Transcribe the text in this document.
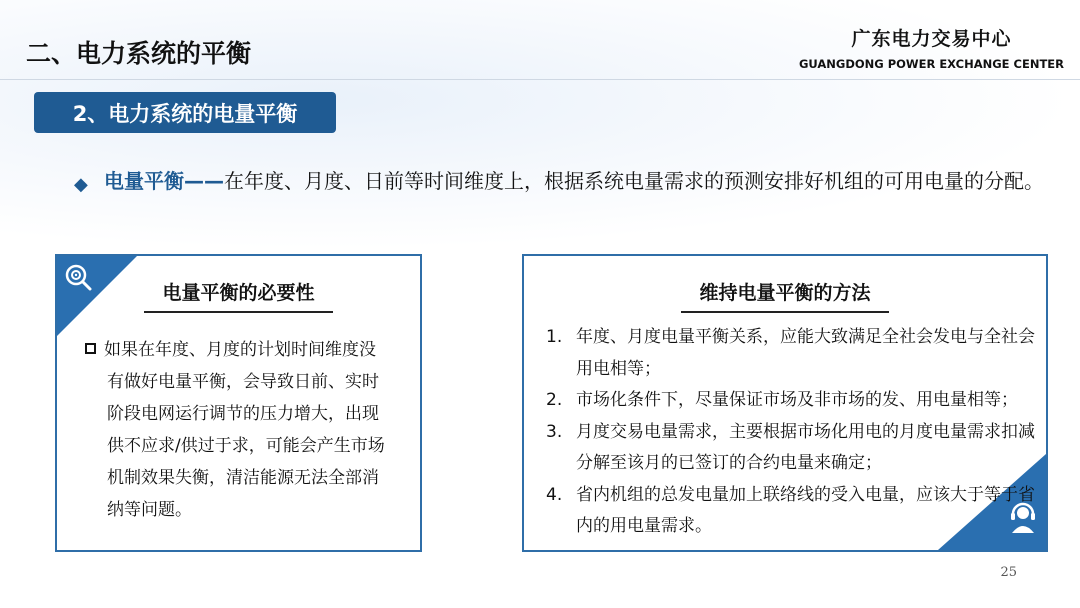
二、电力系统的平衡	广东电力交易中心
GUANGDONG POWER EXCHANGE CENTER
2、电力系统的电量平衡
◆ 电量平衡——在年度、月度、日前等时间维度上，根据系统电量需求的预测安排好机组的可用电量的分配。
电量平衡的必要性
如果在年度、月度的计划时间维度没有做好电量平衡，会导致日前、实时阶段电网运行调节的压力增大，出现供不应求/供过于求，可能会产生市场机制效果失衡，清洁能源无法全部消纳等问题。
维持电量平衡的方法
1. 年度、月度电量平衡关系，应能大致满足全社会发电与全社会用电相等；
2. 市场化条件下，尽量保证市场及非市场的发、用电量相等；
3. 月度交易电量需求，主要根据市场化用电的月度电量需求扣减分解至该月的已签订的合约电量来确定；
4. 省内机组的总发电量加上联络线的受入电量，应该大于等于省内的用电量需求。
25
